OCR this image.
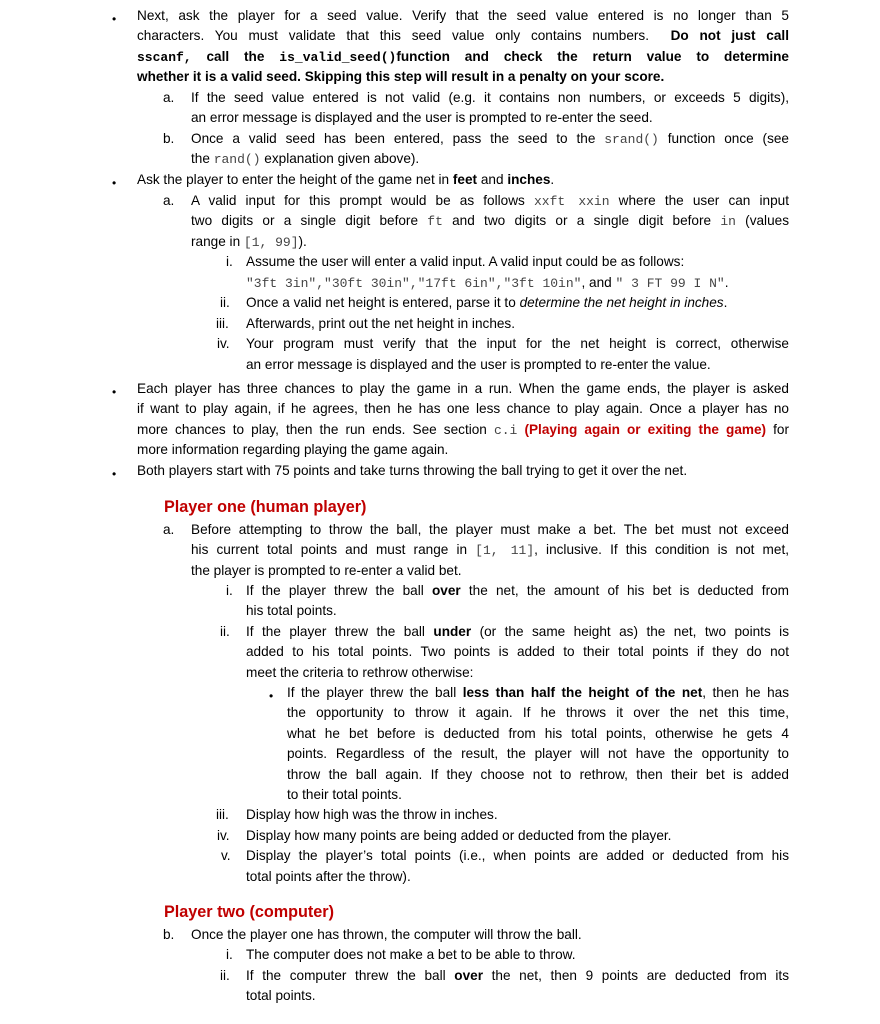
• Next, ask the player for a seed value. Verify that the seed value entered is no longer than 5
characters. You must validate that this seed value only contains numbers. Do not just call
sscanf, call the is_valid_seed()function and check the return value to determine
whether it is a valid seed. Skipping this step will result in a penalty on your score.
a. If the seed value entered is not valid (e.g. it contains non numbers, or exceeds 5 digits),
an error message is displayed and the user is prompted to re-enter the seed.
b. Once a valid seed has been entered, pass the seed to the srand() function once (see
the rand() explanation given above).
• Ask the player to enter the height of the game net in feet and inches.
a. A valid input for this prompt would be as follows xxft xxin where the user can input
two digits or a single digit before ft and two digits or a single digit before in (values
range in [1, 99]).
i. Assume the user will enter a valid input. A valid input could be as follows:
"3ft 3in","30ft 30in","17ft 6in","3ft 10in", and " 3 FT 99 I N".
ii. Once a valid net height is entered, parse it to determine the net height in inches.
iii. Afterwards, print out the net height in inches.
iv. Your program must verify that the input for the net height is correct, otherwise
an error message is displayed and the user is prompted to re-enter the value.
• Each player has three chances to play the game in a run. When the game ends, the player is asked
if want to play again, if he agrees, then he has one less chance to play again. Once a player has no
more chances to play, then the run ends. See section c.i (Playing again or exiting the game) for
more information regarding playing the game again.
• Both players start with 75 points and take turns throwing the ball trying to get it over the net.
Player one (human player)
a. Before attempting to throw the ball, the player must make a bet. The bet must not exceed
his current total points and must range in [1, 11], inclusive. If this condition is not met,
the player is prompted to re-enter a valid bet.
i. If the player threw the ball over the net, the amount of his bet is deducted from
his total points.
ii. If the player threw the ball under (or the same height as) the net, two points is
added to his total points. Two points is added to their total points if they do not
meet the criteria to rethrow otherwise:
• If the player threw the ball less than half the height of the net, then he has
the opportunity to throw it again. If he throws it over the net this time,
what he bet before is deducted from his total points, otherwise he gets 4
points. Regardless of the result, the player will not have the opportunity to
throw the ball again. If they choose not to rethrow, then their bet is added
to their total points.
iii. Display how high was the throw in inches.
iv. Display how many points are being added or deducted from the player.
v. Display the player’s total points (i.e., when points are added or deducted from his
total points after the throw).
Player two (computer)
b. Once the player one has thrown, the computer will throw the ball.
i. The computer does not make a bet to be able to throw.
ii. If the computer threw the ball over the net, then 9 points are deducted from its
total points.
